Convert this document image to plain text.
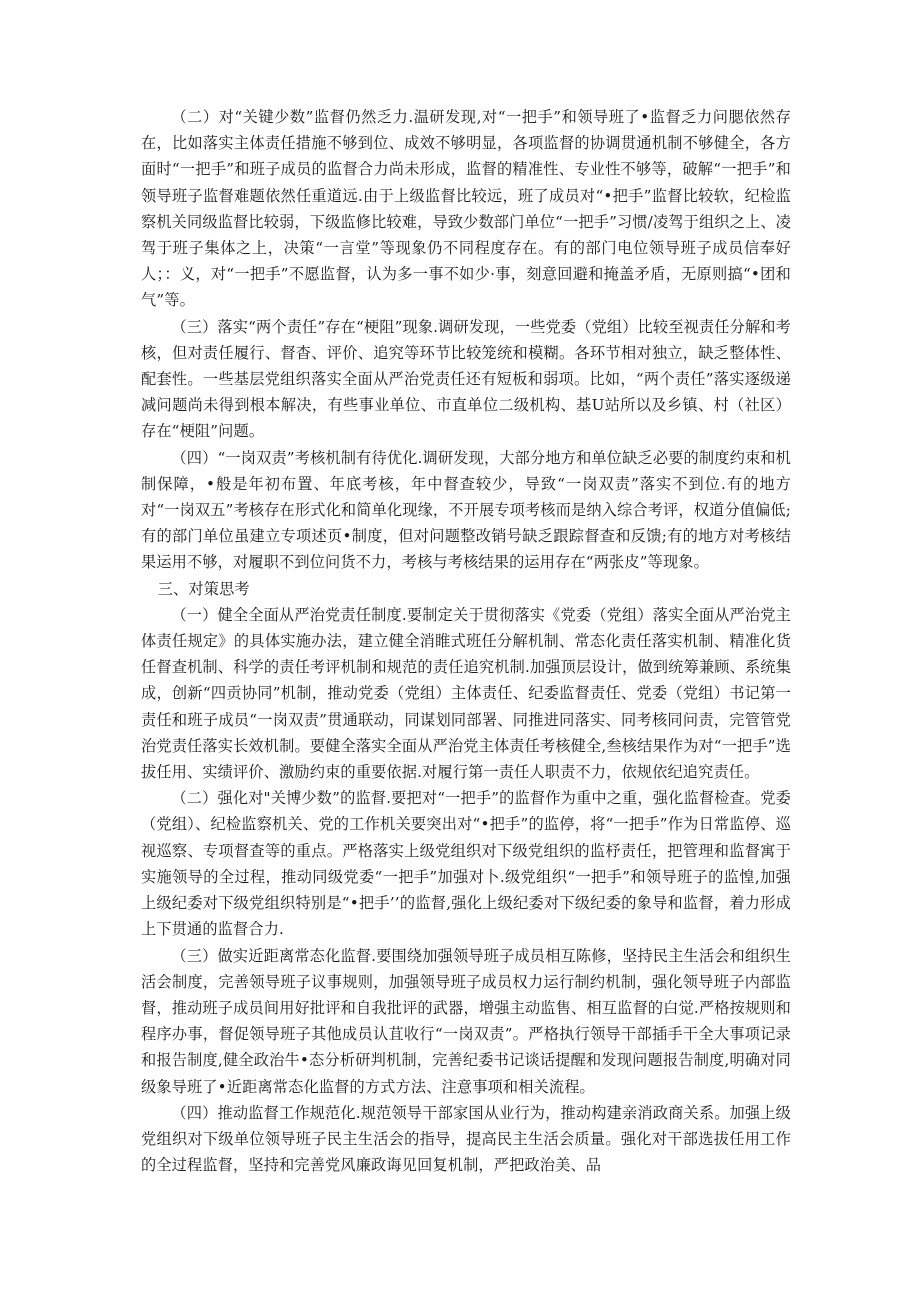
（二）对“关键少数”监督仍然乏力.温研发现,对“一把手”和领导班了•监督乏力问腮依然存在，比如落实主体责任措施不够到位、成效不够明显，各项监督的协调贯通机制不够健全，各方面时“一把手”和班子成员的监督合力尚未形成，监督的精准性、专业性不够等，破解“一把手”和领导班子监督难题依然任重道远.由于上级监督比较远，班了成员对“•把手”监督比较软，纪检监察机关同级监督比较弱，下级监修比较难，导致少数部门单位“一把手”习惯/凌驾于组织之上、凌驾于班子集体之上，决策“一言堂”等现象仍不同程度存在。有的部门电位领导班子成员信奉好人；：义，对“一把手”不愿监督，认为多一事不如少·事，刻意回避和掩盖矛盾，无原则搞“•团和气”等。

（三）落实“两个责任”存在“梗阻”现象.调研发现，一些党委（党组）比较至视责任分解和考核，但对责任履行、督杳、评价、追究等环节比较笼统和模糊。各环节相对独立，缺乏整体性、配套性。一些基层党组织落实全面从严治党责任还有短板和弱项。比如，“两个责任”落实逐级递减问题尚未得到根本解决，有些事业单位、市直单位二级机构、基U站所以及乡镇、村（社区）存在“梗阻”问题。

（四）“一岗双责”考核机制有待优化.调研发现，大部分地方和单位缺乏必要的制度约束和机制保障，•般是年初布置、年底考核，年中督查较少，导致“一岗双责”落实不到位.有的地方对“一岗双五”考核存在形式化和简单化现缘，不开展专项考核而是纳入综合考评，权道分值偏低;有的部门单位虽建立专项述页•制度，但对问题整改销号缺乏跟踪督查和反馈;有的地方对考核结果运用不够，对履职不到位问货不力，考核与考核结果的运用存在“两张皮”等现象。

三、对策思考

（一）健全全面从严治党责任制度.要制定关于贯彻落实《党委（党组）落实全面从严治党主体责任规定》的具体实施办法，建立健全消睢式班任分解机制、常态化责任落实机制、精准化货任督查机制、科学的责任考评机制和规范的责任追究机制.加强顶层设计，做到统筹兼顾、系统集成，创新“四贡协同”机制，推动党委（党组）主体责任、纪委监督责任、党委（党组）书记第一责任和班子成员“一岗双责”贯通联动，同谋划同部署、同推进同落实、同考核同问责，完管管党治党责任落实长效机制。要健全落实全面从严治党主体责任考核健全,叁核结果作为对“一把手”选拔任用、实绩评价、激励约束的重要依据.对履行第一责任人职责不力，依规依纪追究责任。

（二）强化对"关博少数”的监督.要把对“一把手”的监督作为重中之重，强化监督检查。党委（党组）、纪检监察机关、党的工作机关要突出对“•把手”的监停，将“一把手”作为日常监停、巡视巡察、专项督查等的重点。严格落实上级党组织对下级党组织的监杼责任，把管理和监督寓于实施领导的全过程，推动同级党委“一把手”加强对卜.级党组织“一把手”和领导班子的监惶,加强上级纪委对下级党组织特别是“•把手’’的监督,强化上级纪委对下级纪委的象导和监督，着力形成上下贯通的监督合力.

（三）做实近距离常态化监督.要围绕加强领导班子成员相互陈修，坚持民主生活会和组织生活会制度，完善领导班子议事规则，加强领导班子成员权力运行制约机制，强化领导班子内部监督，推动班子成员间用好批评和自我批评的武器，增强主动监售、相互监督的白觉.严格按规则和程序办事，督促领导班子其他成员认苴收行“一岗双责”。严格执行领导干部插手干全大事项记录和报告制度,健全政治牛•态分析研判机制，完善纪委书记谈话提醒和发现问题报告制度,明确对同级象导班了•近距离常态化监督的方式方法、注意事项和相关流程。

（四）推动监督工作规范化.规范领导干部家国从业行为，推动构建亲消政商关系。加强上级党组织对下级单位领导班子民主生活会的指导，提高民主生活会质量。强化对干部选拔任用工作的全过程监督，坚持和完善党风廉政诲见回复机制，严把政治美、品
